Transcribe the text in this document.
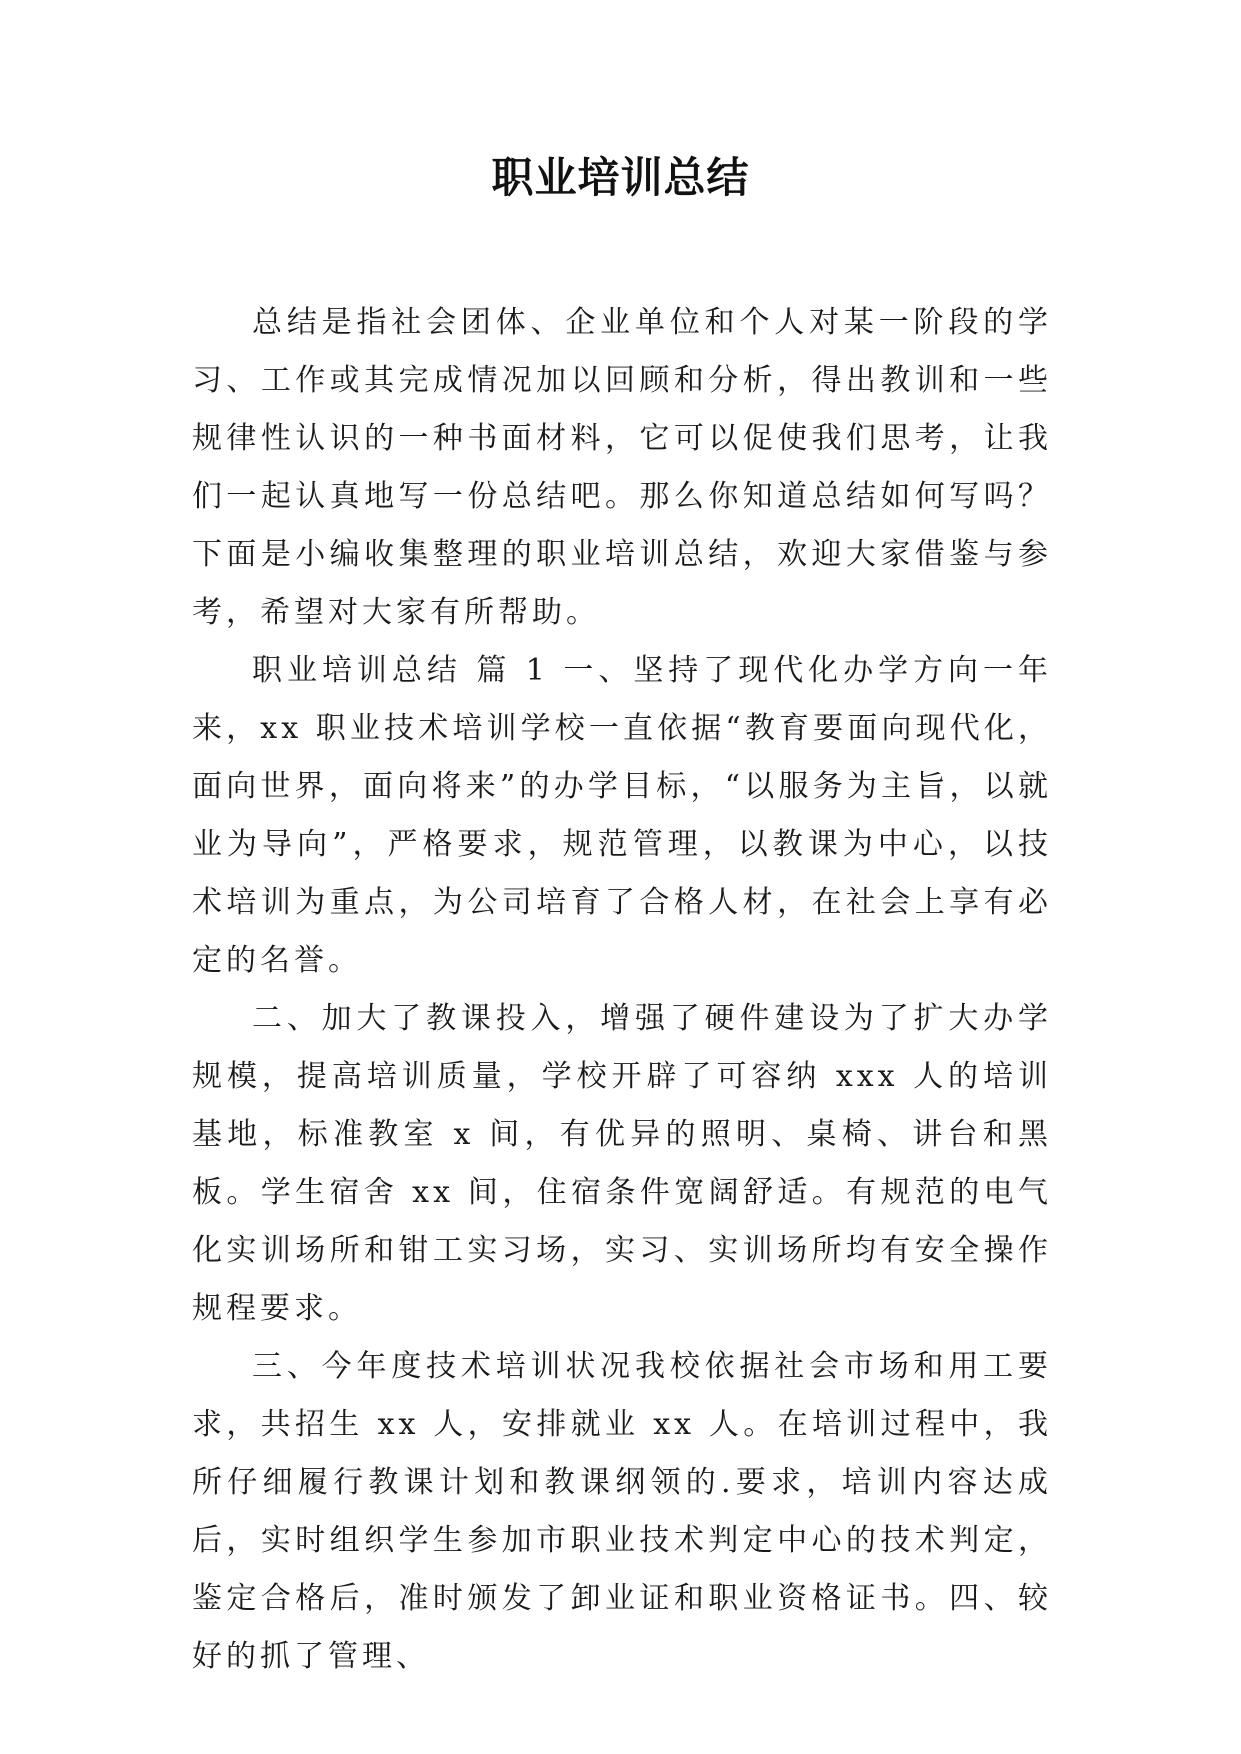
职业培训总结

总结是指社会团体、企业单位和个人对某一阶段的学习、工作或其完成情况加以回顾和分析，得出教训和一些规律性认识的一种书面材料，它可以促使我们思考，让我们一起认真地写一份总结吧。那么你知道总结如何写吗？下面是小编收集整理的职业培训总结，欢迎大家借鉴与参考，希望对大家有所帮助。

职业培训总结 篇 1 一、坚持了现代化办学方向一年来，xx 职业技术培训学校一直依据“教育要面向现代化，面向世界，面向将来”的办学目标，“以服务为主旨，以就业为导向”，严格要求，规范管理，以教课为中心，以技术培训为重点，为公司培育了合格人材，在社会上享有必定的名誉。

二、加大了教课投入，增强了硬件建设为了扩大办学规模，提高培训质量，学校开辟了可容纳 xxx 人的培训基地，标准教室 x 间，有优异的照明、桌椅、讲台和黑板。学生宿舍 xx 间，住宿条件宽阔舒适。有规范的电气化实训场所和钳工实习场，实习、实训场所均有安全操作规程要求。

三、今年度技术培训状况我校依据社会市场和用工要求，共招生 xx 人，安排就业 xx 人。在培训过程中，我所仔细履行教课计划和教课纲领的.要求，培训内容达成后，实时组织学生参加市职业技术判定中心的技术判定，鉴定合格后，准时颁发了卸业证和职业资格证书。四、较好的抓了管理、
